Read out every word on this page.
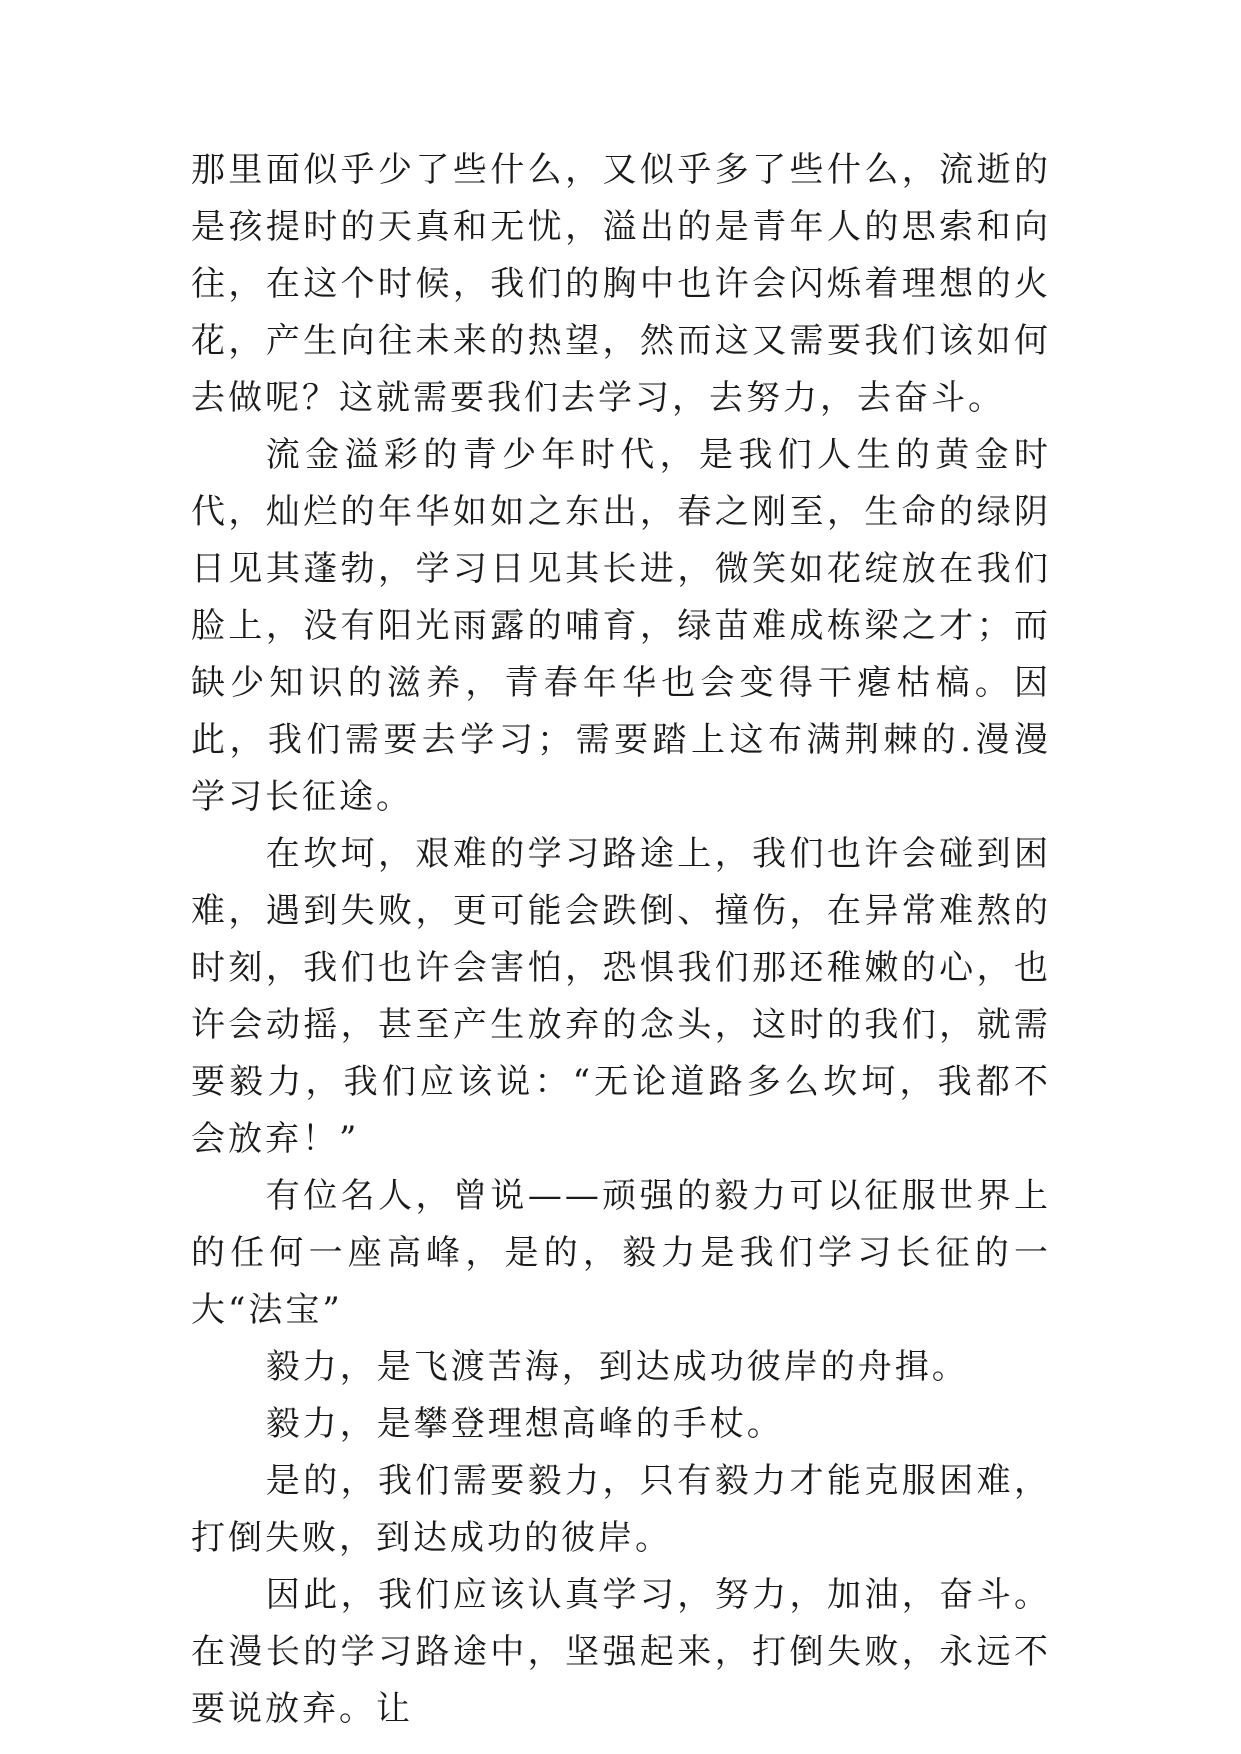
那里面似乎少了些什么，又似乎多了些什么，流逝的是孩提时的天真和无忧，溢出的是青年人的思索和向往，在这个时候，我们的胸中也许会闪烁着理想的火花，产生向往未来的热望，然而这又需要我们该如何去做呢？这就需要我们去学习，去努力，去奋斗。

流金溢彩的青少年时代，是我们人生的黄金时代，灿烂的年华如如之东出，春之刚至，生命的绿阴日见其蓬勃，学习日见其长进，微笑如花绽放在我们脸上，没有阳光雨露的哺育，绿苗难成栋梁之才；而缺少知识的滋养，青春年华也会变得干瘪枯槁。因此，我们需要去学习；需要踏上这布满荆棘的.漫漫学习长征途。

在坎坷，艰难的学习路途上，我们也许会碰到困难，遇到失败，更可能会跌倒、撞伤，在异常难熬的时刻，我们也许会害怕，恐惧我们那还稚嫩的心，也许会动摇，甚至产生放弃的念头，这时的我们，就需要毅力，我们应该说：“无论道路多么坎坷，我都不会放弃！”

有位名人，曾说——顽强的毅力可以征服世界上的任何一座高峰，是的，毅力是我们学习长征的一大“法宝”

毅力，是飞渡苦海，到达成功彼岸的舟揖。

毅力，是攀登理想高峰的手杖。

是的，我们需要毅力，只有毅力才能克服困难，打倒失败，到达成功的彼岸。

因此，我们应该认真学习，努力，加油，奋斗。在漫长的学习路途中，坚强起来，打倒失败，永远不要说放弃。让
